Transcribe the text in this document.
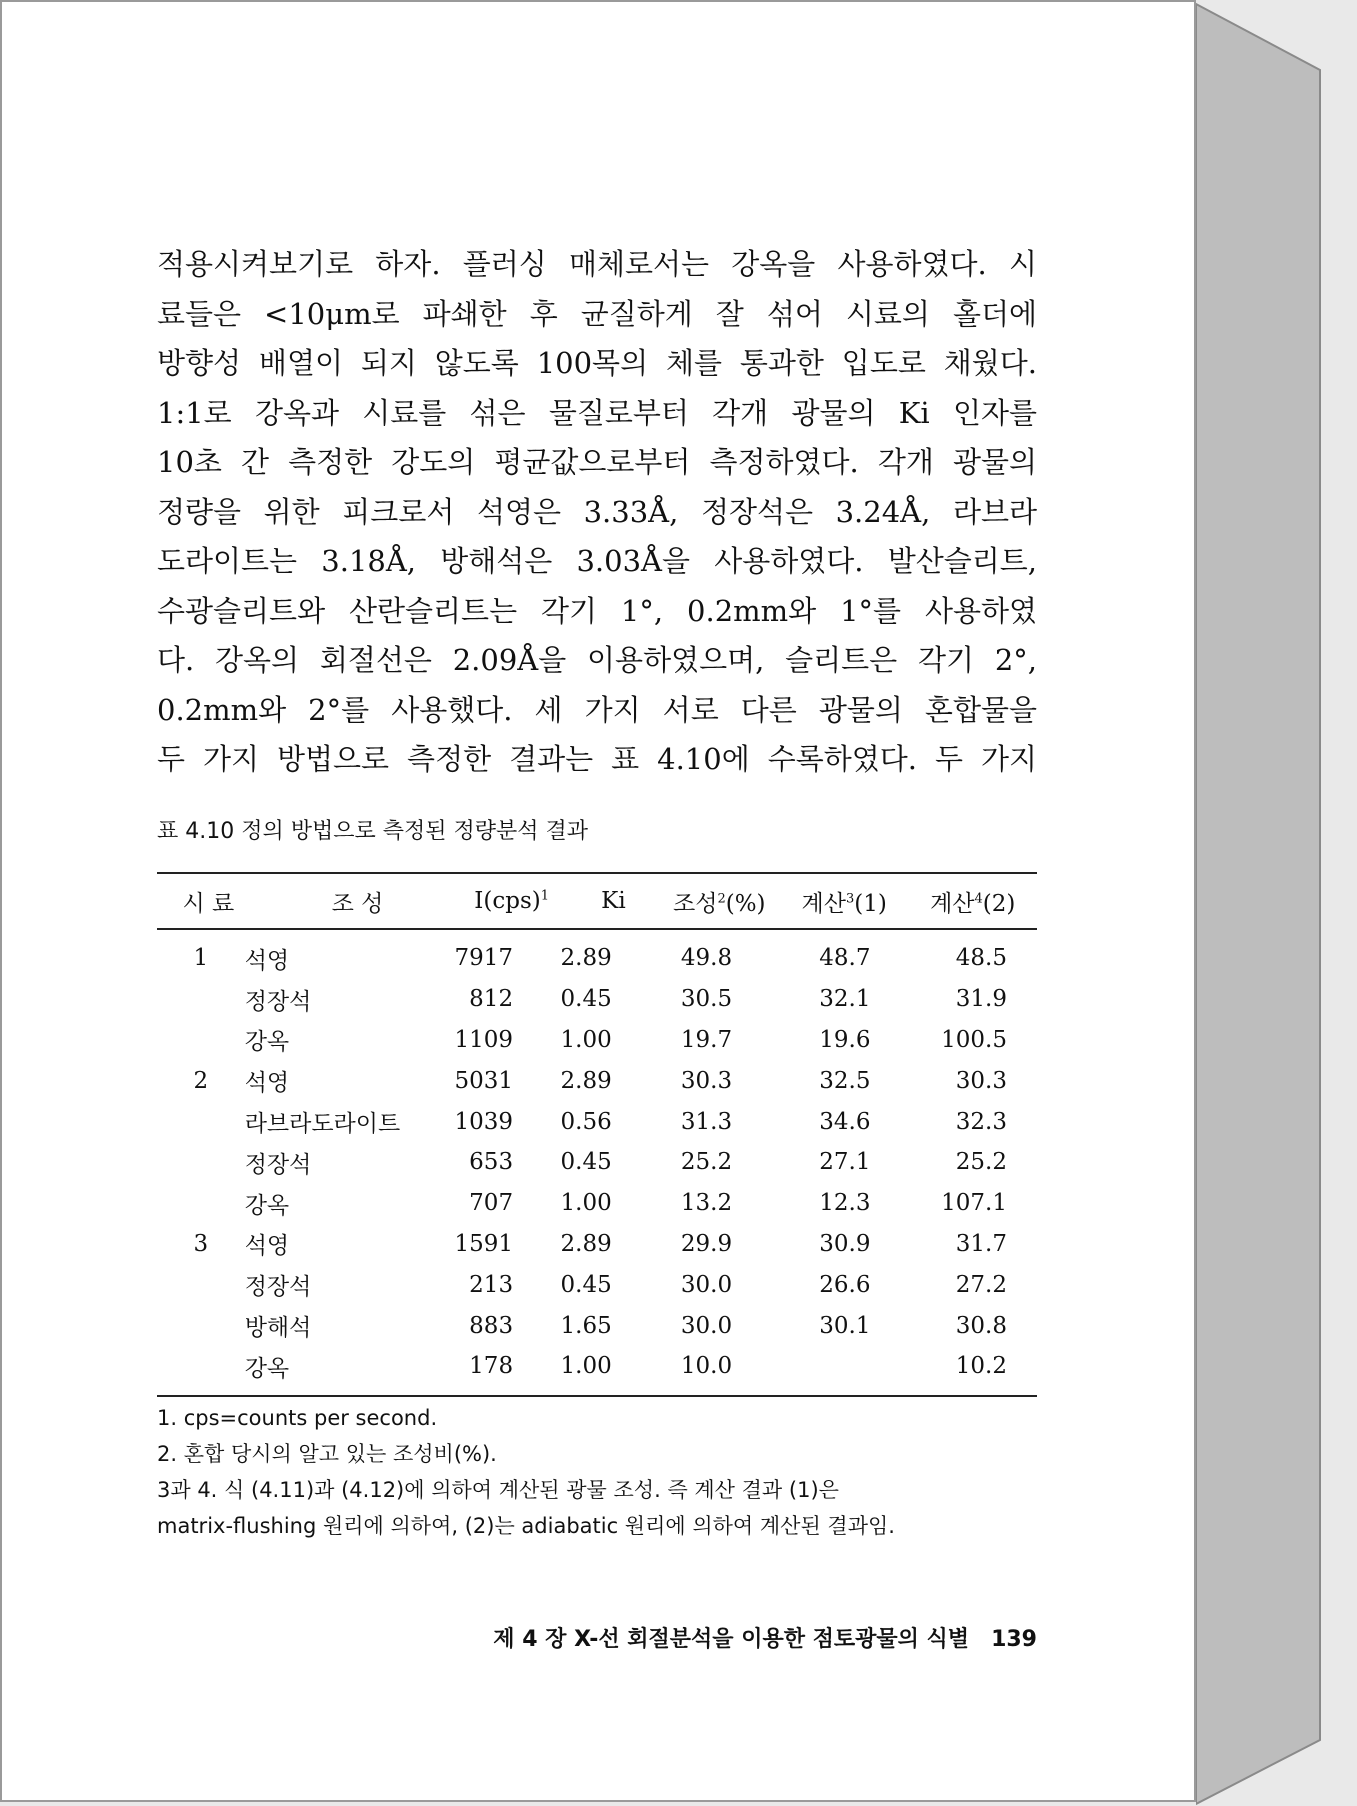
적용시켜보기로 하자. 플러싱 매체로서는 강옥을 사용하였다. 시
료들은 <10μm로 파쇄한 후 균질하게 잘 섞어 시료의 홀더에
방향성 배열이 되지 않도록 100목의 체를 통과한 입도로 채웠다.
1:1로 강옥과 시료를 섞은 물질로부터 각개 광물의 Ki 인자를
10초 간 측정한 강도의 평균값으로부터 측정하였다. 각개 광물의
정량을 위한 피크로서 석영은 3.33Å, 정장석은 3.24Å, 라브라
도라이트는 3.18Å, 방해석은 3.03Å을 사용하였다. 발산슬리트,
수광슬리트와 산란슬리트는 각기 1°, 0.2mm와 1°를 사용하였
다. 강옥의 회절선은 2.09Å을 이용하였으며, 슬리트은 각기 2°,
0.2mm와 2°를 사용했다. 세 가지 서로 다른 광물의 혼합물을
두 가지 방법으로 측정한 결과는 표 4.10에 수록하였다. 두 가지
표 4.10 정의 방법으로 측정된 정량분석 결과
시 료	조 성	I(cps)$^1$	Ki	조성$^2$(%)	계산$^3$(1)	계산$^4$(2)
1	석영	7917	2.89	49.8	48.7	48.5
	정장석	812	0.45	30.5	32.1	31.9
	강옥	1109	1.00	19.7	19.6	100.5
2	석영	5031	2.89	30.3	32.5	30.3
	라브라도라이트	1039	0.56	31.3	34.6	32.3
	정장석	653	0.45	25.2	27.1	25.2
	강옥	707	1.00	13.2	12.3	107.1
3	석영	1591	2.89	29.9	30.9	31.7
	정장석	213	0.45	30.0	26.6	27.2
	방해석	883	1.65	30.0	30.1	30.8
	강옥	178	1.00	10.0		10.2
1. cps=counts per second.
2. 혼합 당시의 알고 있는 조성비(%).
3과 4. 식 (4.11)과 (4.12)에 의하여 계산된 광물 조성. 즉 계산 결과 (1)은
matrix-flushing 원리에 의하여, (2)는 adiabatic 원리에 의하여 계산된 결과임.
제 4 장 X-선 회절분석을 이용한 점토광물의 식별 139
